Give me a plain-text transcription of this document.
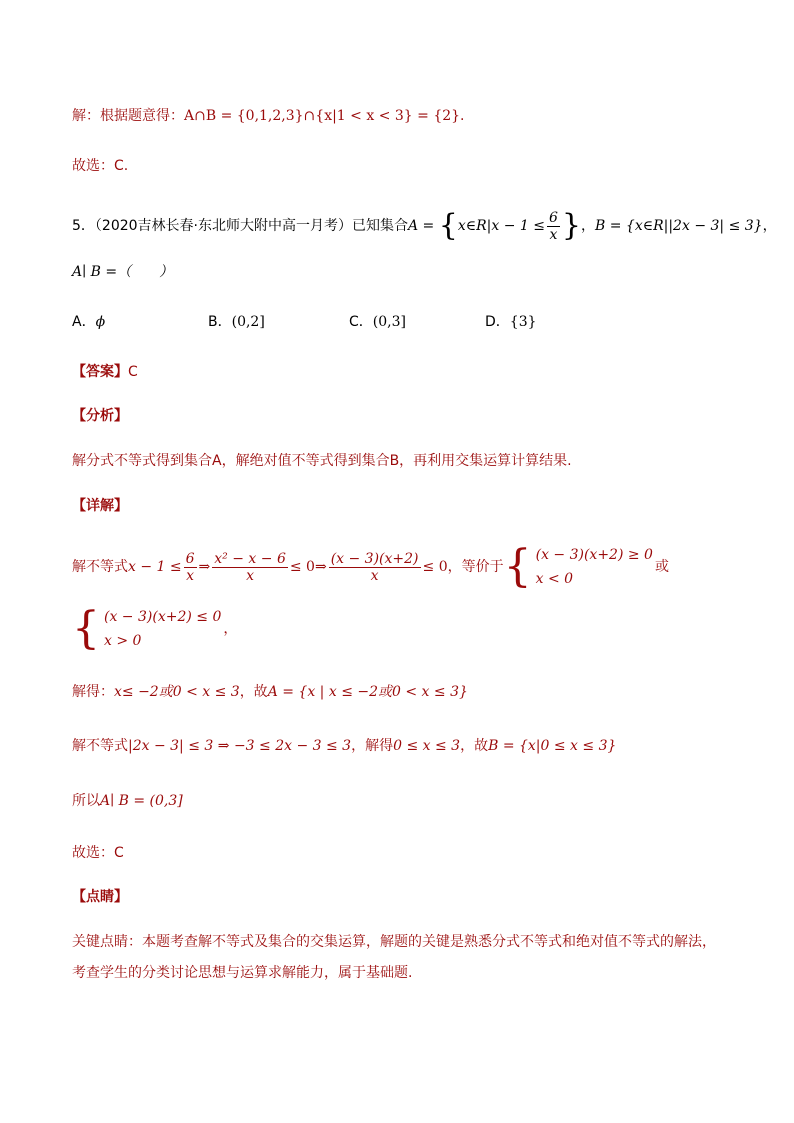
解：根据题意得：A∩B = {0,1,2,3}∩{x|1 < x < 3} = {2}.
故选：C.
5．（2020吉林长春·东北师大附中高一月考）已知集合A = {x∈R|x − $1 \le \frac{6}{x}$ }，B = {x∈R||2x − 3| ≤ 3}，
A∣ B =（　　）
A．ϕ	B．(0,2]	C．(0,3]	D．{3}
【答案】C
【分析】
解分式不等式得到集合A，解绝对值不等式得到集合B，再利用交集运算计算结果.
【详解】
解不等式$x - 1 \le \frac{6}{x}$ ⇒ $\frac{\text{x² − x − 6}}{x}$ ≤ 0⇒ $\frac{(x - 3)(x+2)}{x} \le 0$，等价于{ (x − 3)(x+2) ≥ 0
x < 0或
{ (x − 3)(x+2) ≤ 0
x > 0，
解得：x≤ −2或0 < x ≤ 3，故A = {x | x ≤ −2或0 < x ≤ 3}
解不等式|2x − 3| ≤ 3 ⇒ −3 ≤ 2x − 3 ≤ 3，解得0 ≤ x ≤ 3，故B = {x|0 ≤ x ≤ 3}
所以A∣ B = (0,3]
故选：C
【点睛】
关键点睛：本题考查解不等式及集合的交集运算，解题的关键是熟悉分式不等式和绝对值不等式的解法，
考查学生的分类讨论思想与运算求解能力，属于基础题.
